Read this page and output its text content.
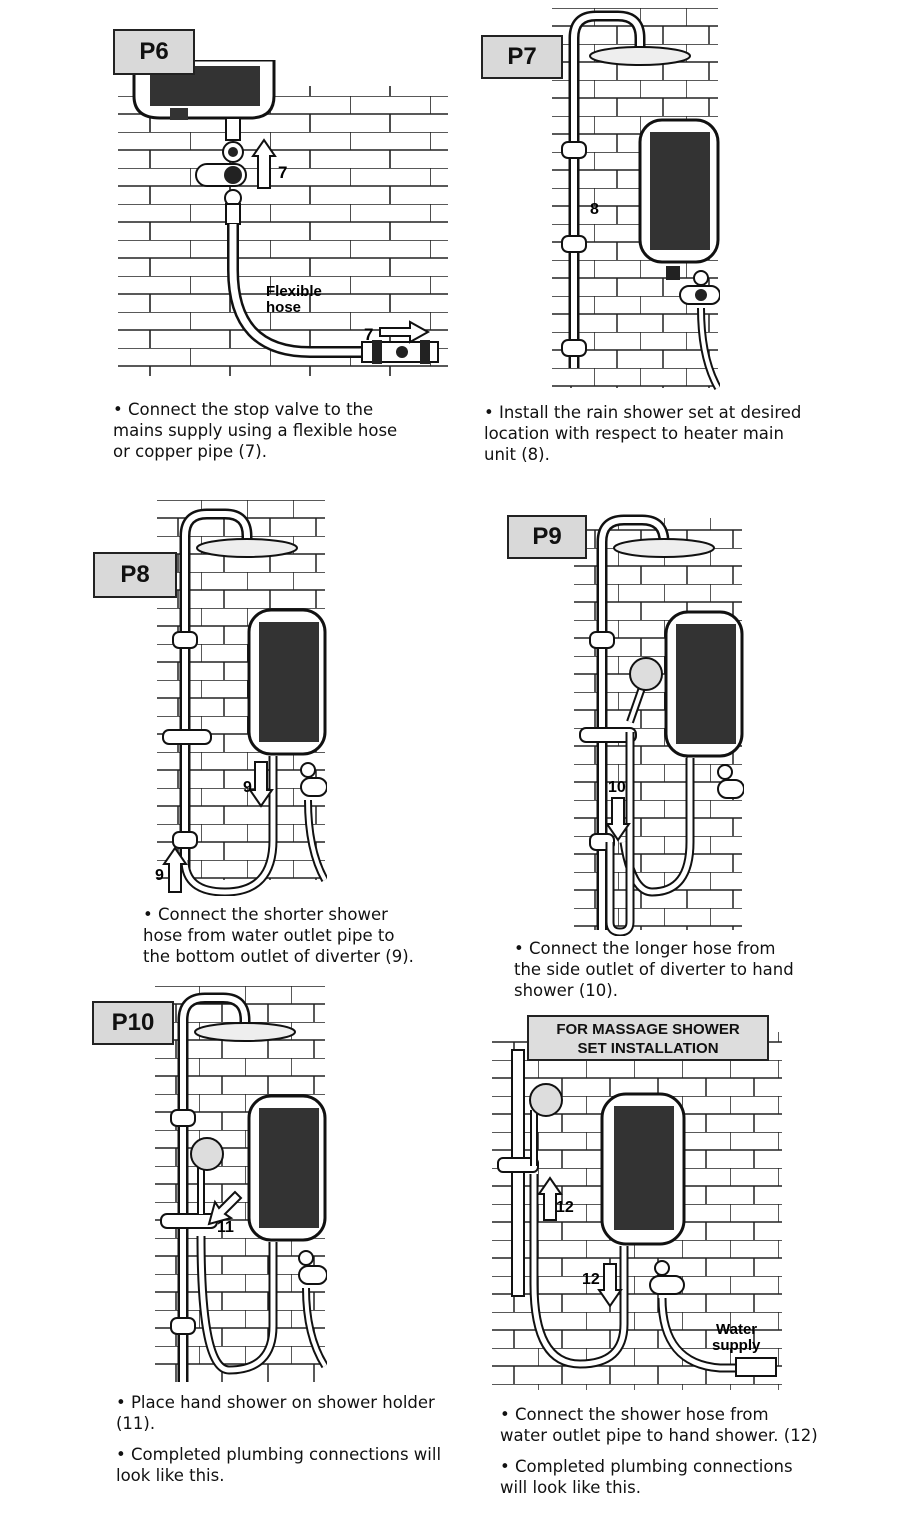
7
7
Flexible
hose
P6

• Connect the stop valve to the mains supply using a flexible hose or copper pipe (7).

8
P7

• Install the rain shower set at desired location with respect to heater main unit (8).

9
9
P8

• Connect the shorter shower hose from water outlet pipe to the bottom outlet of diverter (9).

10
P9

• Connect the longer hose from the side outlet of diverter to hand shower (10).

11
P10

• Place hand shower on shower holder (11).

• Completed plumbing connections will look like this.

12
12
Water
supply
FOR MASSAGE SHOWER
SET INSTALLATION

• Connect the shower hose from water outlet pipe to hand shower. (12)

• Completed plumbing connections will look like this.
